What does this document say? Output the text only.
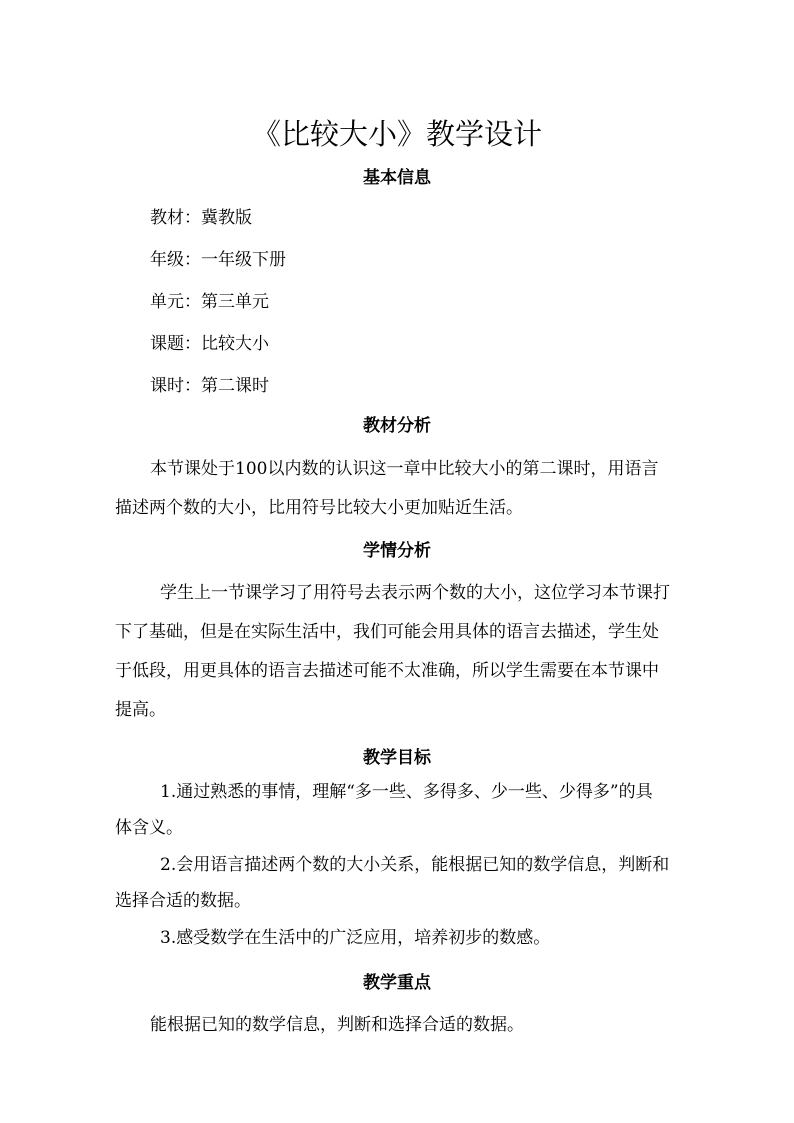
《比较大小》教学设计
基本信息
教材：冀教版
年级：一年级下册
单元：第三单元
课题：比较大小
课时：第二课时
教材分析
本节课处于100以内数的认识这一章中比较大小的第二课时，用语言
描述两个数的大小，比用符号比较大小更加贴近生活。
学情分析
学生上一节课学习了用符号去表示两个数的大小，这位学习本节课打
下了基础，但是在实际生活中，我们可能会用具体的语言去描述，学生处
于低段，用更具体的语言去描述可能不太准确，所以学生需要在本节课中
提高。
教学目标
1.通过熟悉的事情，理解“多一些、多得多、少一些、少得多”的具
体含义。
2.会用语言描述两个数的大小关系，能根据已知的数学信息，判断和
选择合适的数据。
3.感受数学在生活中的广泛应用，培养初步的数感。
教学重点
能根据已知的数学信息，判断和选择合适的数据。
